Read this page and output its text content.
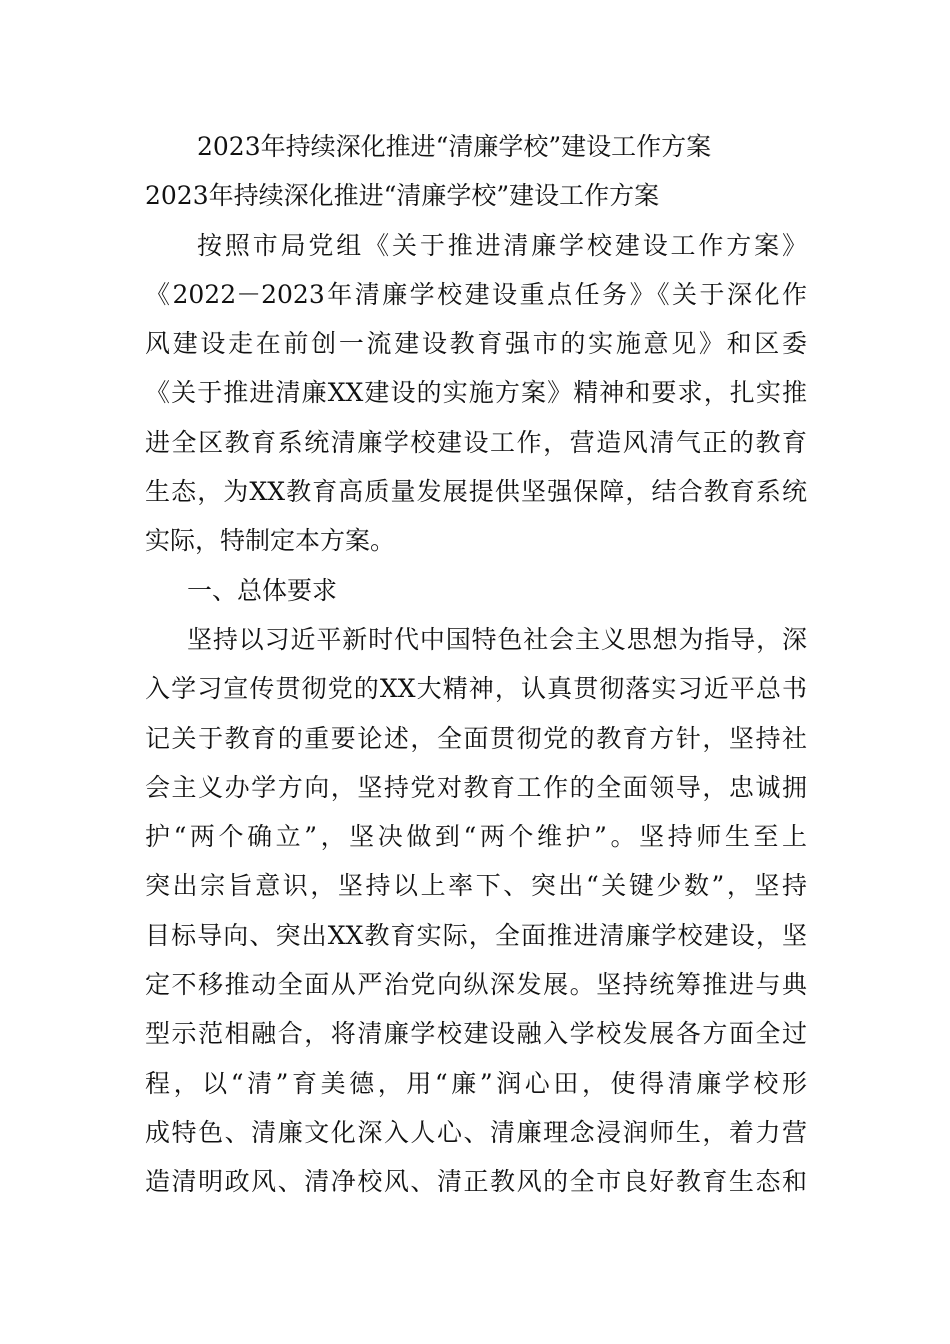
2023年持续深化推进“清廉学校”建设工作方案
2023年持续深化推进“清廉学校”建设工作方案
按照市局党组《关于推进清廉学校建设工作方案》
《2022－2023年清廉学校建设重点任务》《关于深化作
风建设走在前创一流建设教育强市的实施意见》和区委
《关于推进清廉XX建设的实施方案》精神和要求，扎实推
进全区教育系统清廉学校建设工作，营造风清气正的教育
生态，为XX教育高质量发展提供坚强保障，结合教育系统
实际，特制定本方案。
一、总体要求
坚持以习近平新时代中国特色社会主义思想为指导，深
入学习宣传贯彻党的XX大精神，认真贯彻落实习近平总书
记关于教育的重要论述，全面贯彻党的教育方针，坚持社
会主义办学方向，坚持党对教育工作的全面领导，忠诚拥
护“两个确立”，坚决做到“两个维护”。坚持师生至上
突出宗旨意识，坚持以上率下、突出“关键少数”，坚持
目标导向、突出XX教育实际，全面推进清廉学校建设，坚
定不移推动全面从严治党向纵深发展。坚持统筹推进与典
型示范相融合，将清廉学校建设融入学校发展各方面全过
程，以“清”育美德，用“廉”润心田，使得清廉学校形
成特色、清廉文化深入人心、清廉理念浸润师生，着力营
造清明政风、清净校风、清正教风的全市良好教育生态和
